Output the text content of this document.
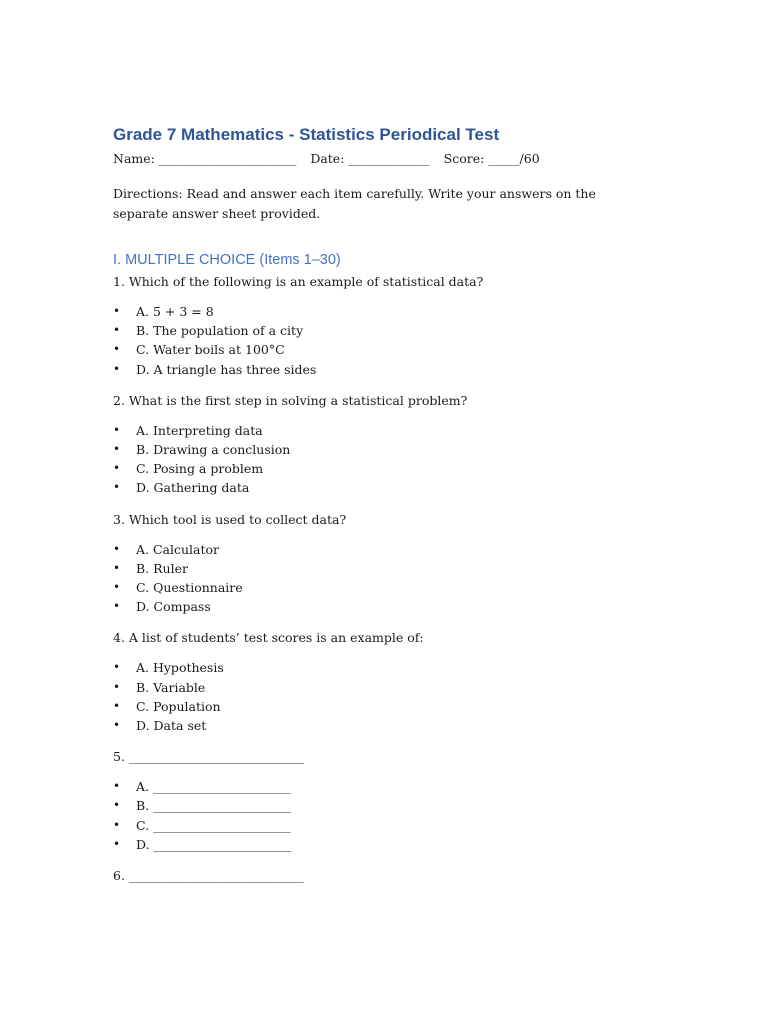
Grade 7 Mathematics - Statistics Periodical Test
Name: ______________________ Date: _____________ Score: _____/60
Directions: Read and answer each item carefully. Write your answers on the separate answer sheet provided.
I. MULTIPLE CHOICE (Items 1–30)
1. Which of the following is an example of statistical data?
• A. 5 + 3 = 8
• B. The population of a city
• C. Water boils at 100°C
• D. A triangle has three sides
2. What is the first step in solving a statistical problem?
• A. Interpreting data
• B. Drawing a conclusion
• C. Posing a problem
• D. Gathering data
3. Which tool is used to collect data?
• A. Calculator
• B. Ruler
• C. Questionnaire
• D. Compass
4. A list of students’ test scores is an example of:
• A. Hypothesis
• B. Variable
• C. Population
• D. Data set
5. ____________________________
• A. ______________________
• B. ______________________
• C. ______________________
• D. ______________________
6. ____________________________
